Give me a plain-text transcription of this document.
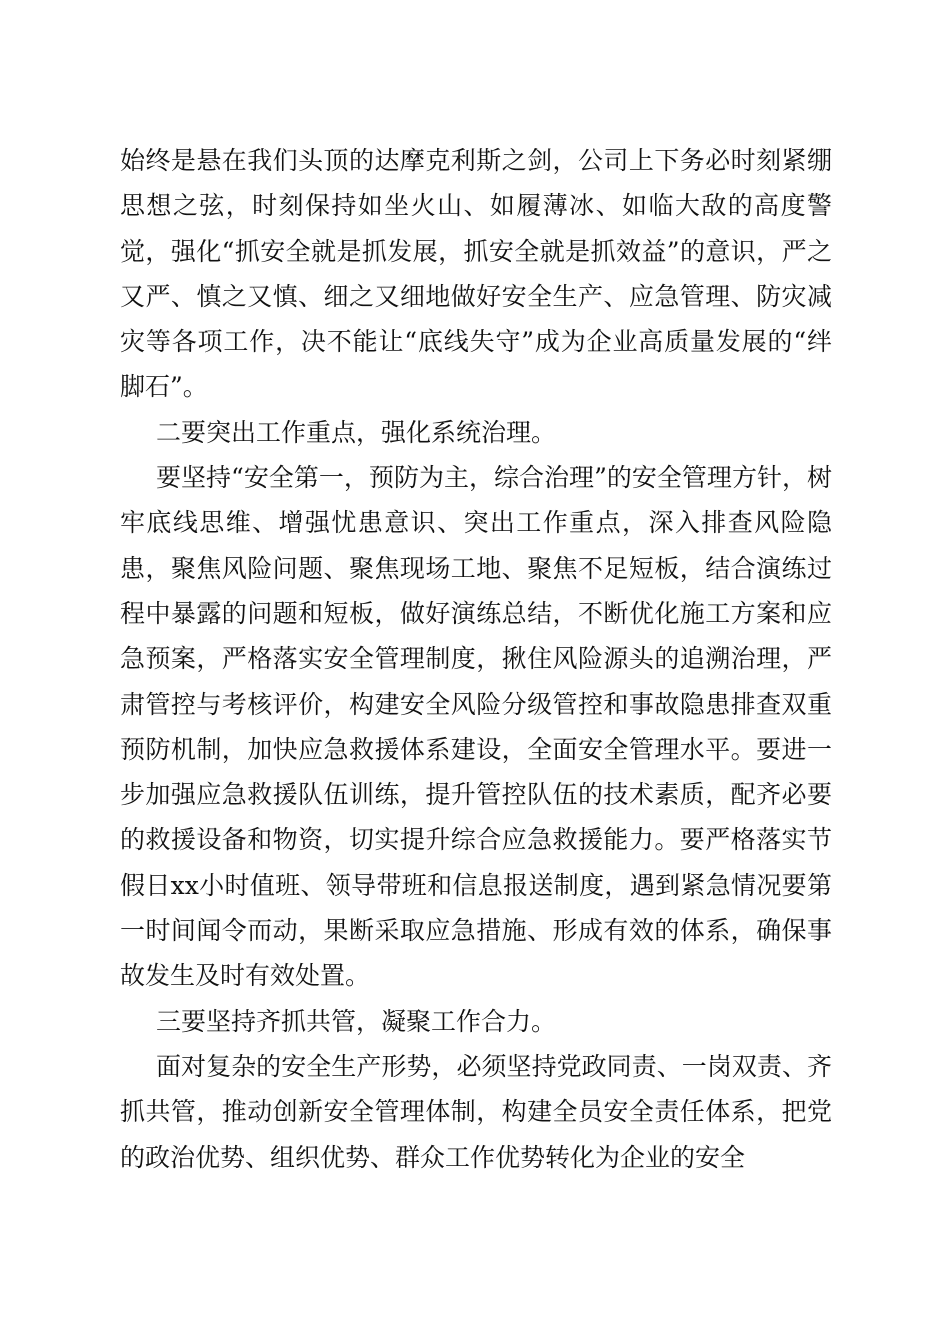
始终是悬在我们头顶的达摩克利斯之剑，公司上下务必时刻紧绷思想之弦，时刻保持如坐火山、如履薄冰、如临大敌的高度警觉，强化“抓安全就是抓发展，抓安全就是抓效益”的意识，严之又严、慎之又慎、细之又细地做好安全生产、应急管理、防灾减灾等各项工作，决不能让“底线失守”成为企业高质量发展的“绊脚石”。

二要突出工作重点，强化系统治理。

要坚持“安全第一，预防为主，综合治理”的安全管理方针，树牢底线思维、增强忧患意识、突出工作重点，深入排查风险隐患，聚焦风险问题、聚焦现场工地、聚焦不足短板，结合演练过程中暴露的问题和短板，做好演练总结，不断优化施工方案和应急预案，严格落实安全管理制度，揪住风险源头的追溯治理，严肃管控与考核评价，构建安全风险分级管控和事故隐患排查双重预防机制，加快应急救援体系建设，全面安全管理水平。要进一步加强应急救援队伍训练，提升管控队伍的技术素质，配齐必要的救援设备和物资，切实提升综合应急救援能力。要严格落实节假日xx小时值班、领导带班和信息报送制度，遇到紧急情况要第一时间闻令而动，果断采取应急措施、形成有效的体系，确保事故发生及时有效处置。

三要坚持齐抓共管，凝聚工作合力。

面对复杂的安全生产形势，必须坚持党政同责、一岗双责、齐抓共管，推动创新安全管理体制，构建全员安全责任体系，把党的政治优势、组织优势、群众工作优势转化为企业的安全
